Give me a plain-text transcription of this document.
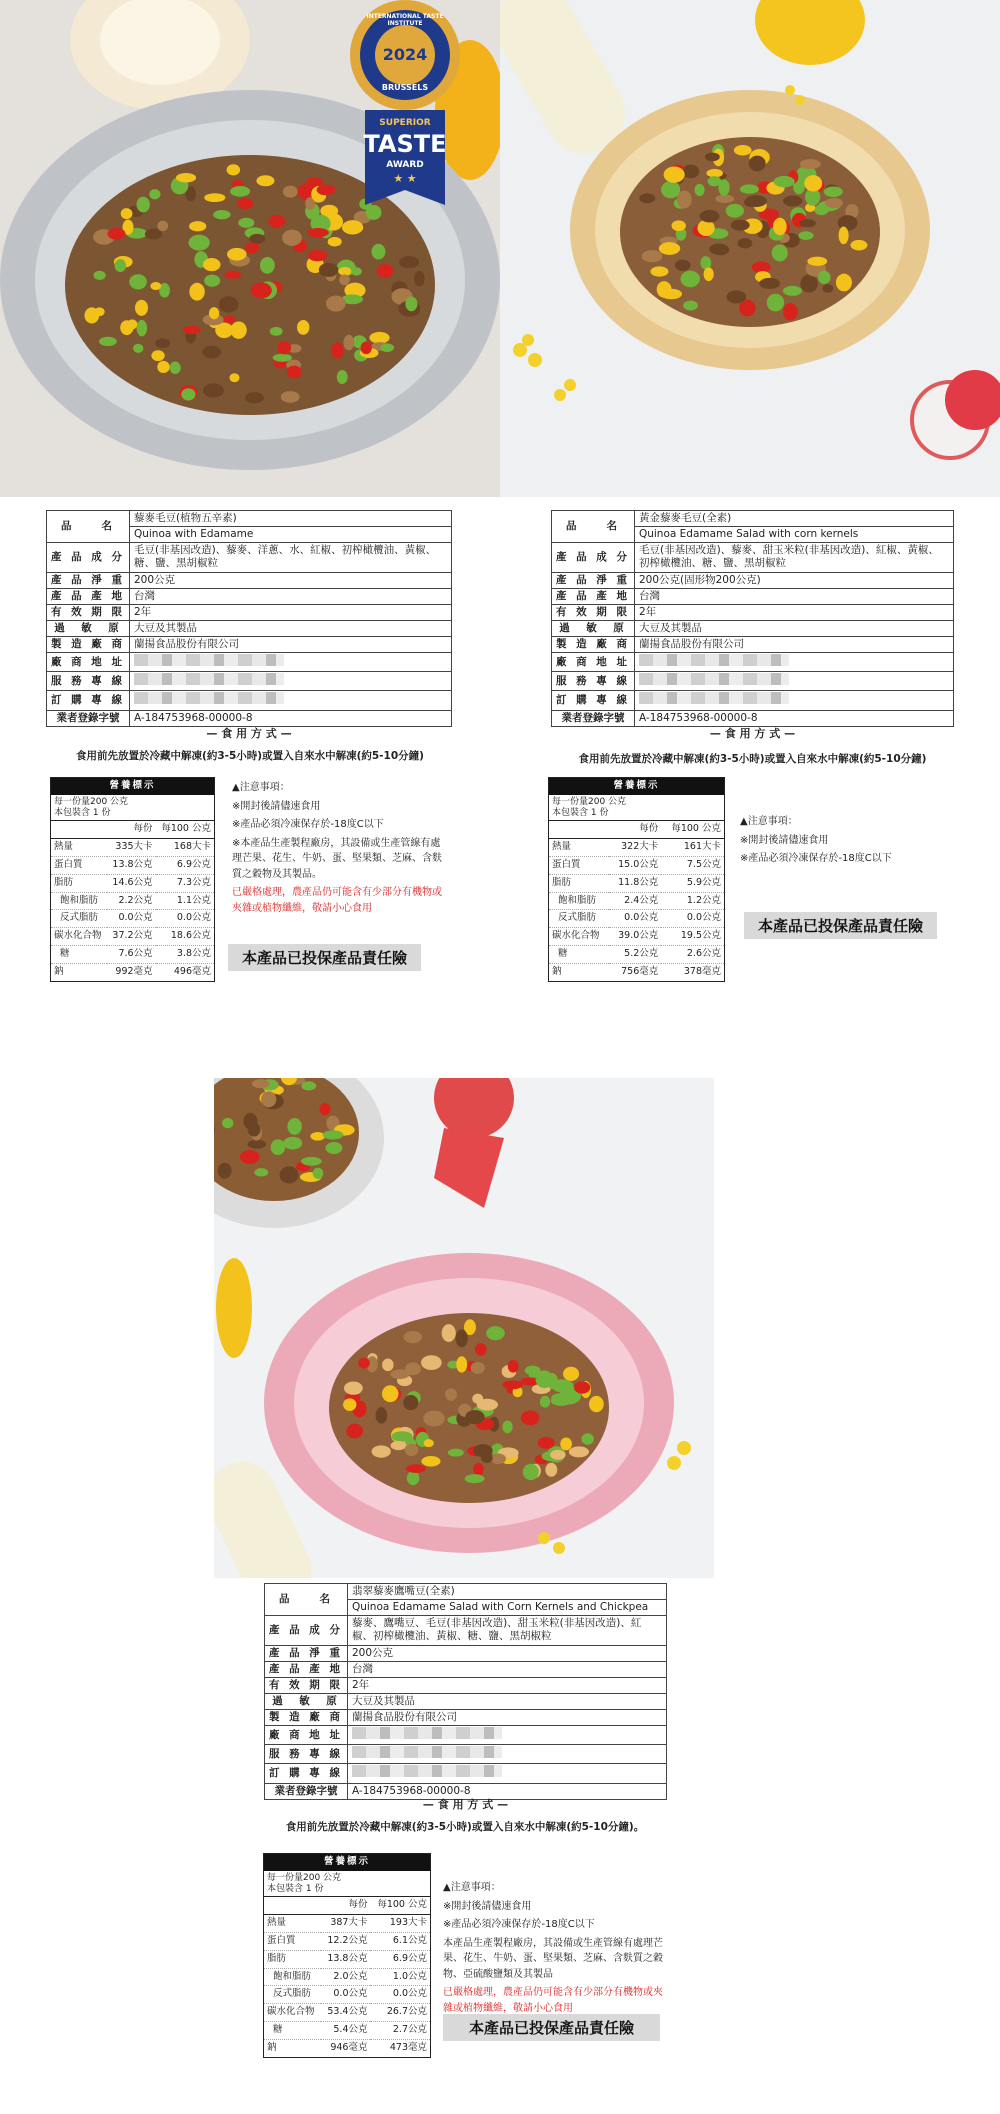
2024
INTERNATIONAL TASTE INSTITUTE
BRUSSELS
SUPERIOR
TASTE
AWARD
★ ★
品　　名	藜麥毛豆(植物五辛素)
	Quinoa with Edamame
產 品 成 分	毛豆(非基因改造)、藜麥、洋蔥、水、紅椒、初榨橄欖油、黃椒、糖、鹽、黑胡椒粒
產 品 淨 重	200公克
產 品 產 地	台灣
有 效 期 限	2年
過　敏　原	大豆及其製品
製 造 廠 商	蘭揚食品股份有限公司
廠 商 地 址	
服 務 專 線	
訂 購 專 線	
業者登錄字號	A-184753968-00000-8
品　　名	黃金藜麥毛豆(全素)
	Quinoa Edamame Salad with corn kernels
產 品 成 分	毛豆(非基因改造)、藜麥、甜玉米粒(非基因改造)、紅椒、黃椒、初榨橄欖油、糖、鹽、黑胡椒粒
產 品 淨 重	200公克(固形物200公克)
產 品 產 地	台灣
有 效 期 限	2年
過　敏　原	大豆及其製品
製 造 廠 商	蘭揚食品股份有限公司
廠 商 地 址	
服 務 專 線	
訂 購 專 線	
業者登錄字號	A-184753968-00000-8
— 食 用 方 式 —
食用前先放置於冷藏中解凍(約3-5小時)或置入自來水中解凍(約5-10分鐘)
— 食 用 方 式 —
食用前先放置於冷藏中解凍(約3-5小時)或置入自來水中解凍(約5-10分鐘)
營養標示		

每一份量200 公克
本包裝含 1 份		

	每份	每100 公克
熱量	335大卡	168大卡
蛋白質	13.8公克	6.9公克
脂肪	14.6公克	7.3公克
飽和脂肪	2.2公克	1.1公克
反式脂肪	0.0公克	0.0公克
碳水化合物	37.2公克	18.6公克
糖	7.6公克	3.8公克
鈉	992毫克	496毫克

▲注意事項：

※開封後請儘速食用

※產品必須冷凍保存於-18度C以下

※本產品生產製程廠房，其設備或生產管線有處理芒果、花生、牛奶、蛋、堅果類、芝麻、含麩質之穀物及其製品。

已嚴格處理，農產品仍可能含有少部分有機物或夾雜或植物纖維，敬請小心食用

本產品已投保產品責任險
營養標示		

每一份量200 公克
本包裝含 1 份		

	每份	每100 公克
熱量	322大卡	161大卡
蛋白質	15.0公克	7.5公克
脂肪	11.8公克	5.9公克
飽和脂肪	2.4公克	1.2公克
反式脂肪	0.0公克	0.0公克
碳水化合物	39.0公克	19.5公克
糖	5.2公克	2.6公克
鈉	756毫克	378毫克

▲注意事項：

※開封後請儘速食用

※產品必須冷凍保存於-18度C以下

本產品已投保產品責任險
品　　名	翡翠藜麥鷹嘴豆(全素)
	Quinoa Edamame Salad with Corn Kernels and Chickpea
產 品 成 分	藜麥、鷹嘴豆、毛豆(非基因改造)、甜玉米粒(非基因改造)、紅椒、初榨橄欖油、黃椒、糖、鹽、黑胡椒粒
產 品 淨 重	200公克
產 品 產 地	台灣
有 效 期 限	2年
過　敏　原	大豆及其製品
製 造 廠 商	蘭揚食品股份有限公司
廠 商 地 址	
服 務 專 線	
訂 購 專 線	
業者登錄字號	A-184753968-00000-8
— 食 用 方 式 —
食用前先放置於冷藏中解凍(約3-5小時)或置入自來水中解凍(約5-10分鐘)。
營養標示		

每一份量200 公克
本包裝含 1 份		

	每份	每100 公克
熱量	387大卡	193大卡
蛋白質	12.2公克	6.1公克
脂肪	13.8公克	6.9公克
飽和脂肪	2.0公克	1.0公克
反式脂肪	0.0公克	0.0公克
碳水化合物	53.4公克	26.7公克
糖	5.4公克	2.7公克
鈉	946毫克	473毫克

▲注意事項：

※開封後請儘速食用

※產品必須冷凍保存於-18度C以下

本產品生產製程廠房，其設備或生產管線有處理芒果、花生、牛奶、蛋、堅果類、芝麻、含麩質之穀物、亞硫酸鹽類及其製品

已嚴格處理，農產品仍可能含有少部分有機物或夾雜或植物纖維，敬請小心食用

本產品已投保產品責任險
